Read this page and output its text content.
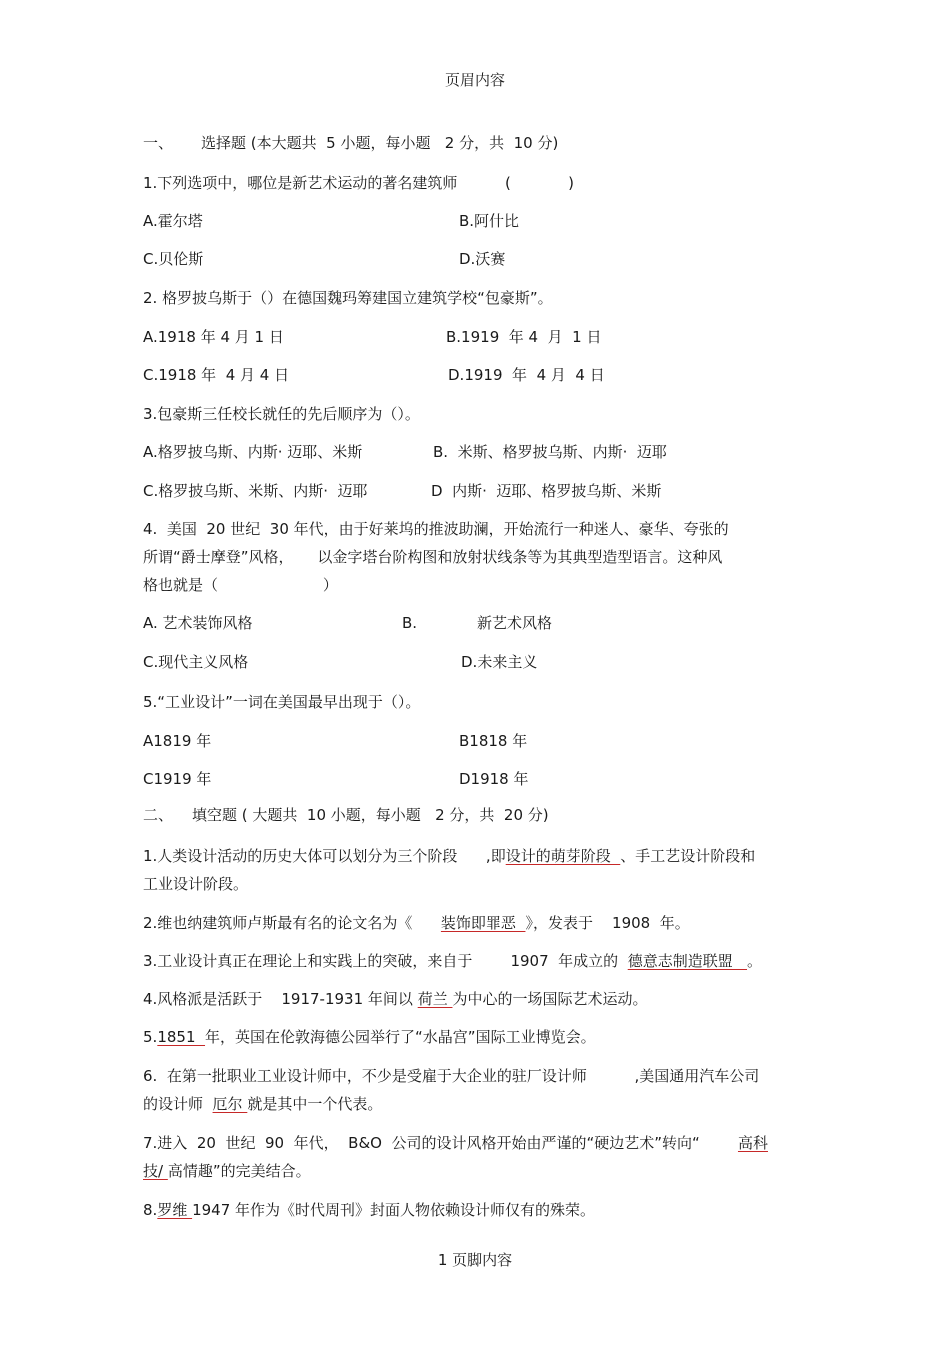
页眉内容
一、 选择题 (本大题共  5 小题，每小题   2 分，共  10 分)
1.下列选项中，哪位是新艺术运动的著名建筑师          (            )
A.霍尔塔	B.阿什比
C.贝伦斯	D.沃赛
2. 格罗披乌斯于（）在德国魏玛筹建国立建筑学校“包豪斯”。
A.1918 年 4 月 1 日	B.1919  年 4  月  1 日
C.1918 年  4 月 4 日	D.1919  年  4 月  4 日
3.包豪斯三任校长就任的先后顺序为（）。
A.格罗披乌斯、内斯· 迈耶、米斯	B.  米斯、格罗披乌斯、内斯·  迈耶
C.格罗披乌斯、米斯、内斯·  迈耶	D  内斯·  迈耶、格罗披乌斯、米斯
4.  美国  20 世纪  30 年代，由于好莱坞的推波助澜，开始流行一种迷人、豪华、夸张的
所谓“爵士摩登”风格，     以金字塔台阶构图和放射状线条等为其典型造型语言。这种风
格也就是（                      ）
A. 艺术装饰风格	B.	新艺术风格
C.现代主义风格	D.未来主义
5.“工业设计”一词在美国最早出现于（）。
A1819 年	B1818 年
C1919 年	D1918 年
二、 填空题 ( 大题共  10 小题，每小题   2 分，共  20 分)
1.人类设计活动的历史大体可以划分为三个阶段      ,即设计的萌芽阶段  、手工艺设计阶段和
工业设计阶段。
2.维也纳建筑师卢斯最有名的论文名为《      装饰即罪恶  》，发表于    1908  年。
3.工业设计真正在理论上和实践上的突破，来自于        1907  年成立的  德意志制造联盟   。
4.风格派是活跃于    1917-1931 年间以 荷兰 为中心的一场国际艺术运动。
5.1851  年，英国在伦敦海德公园举行了“水晶宫”国际工业博览会。
6.  在第一批职业工业设计师中，不少是受雇于大企业的驻厂设计师          ,美国通用汽车公司
的设计师  厄尔 就是其中一个代表。
7.进入  20  世纪  90  年代，  B&O  公司的设计风格开始由严谨的“硬边艺术”转向“        高科
技/ 高情趣”的完美结合。
8.罗维 1947 年作为《时代周刊》封面人物依赖设计师仅有的殊荣。
1 页脚内容
